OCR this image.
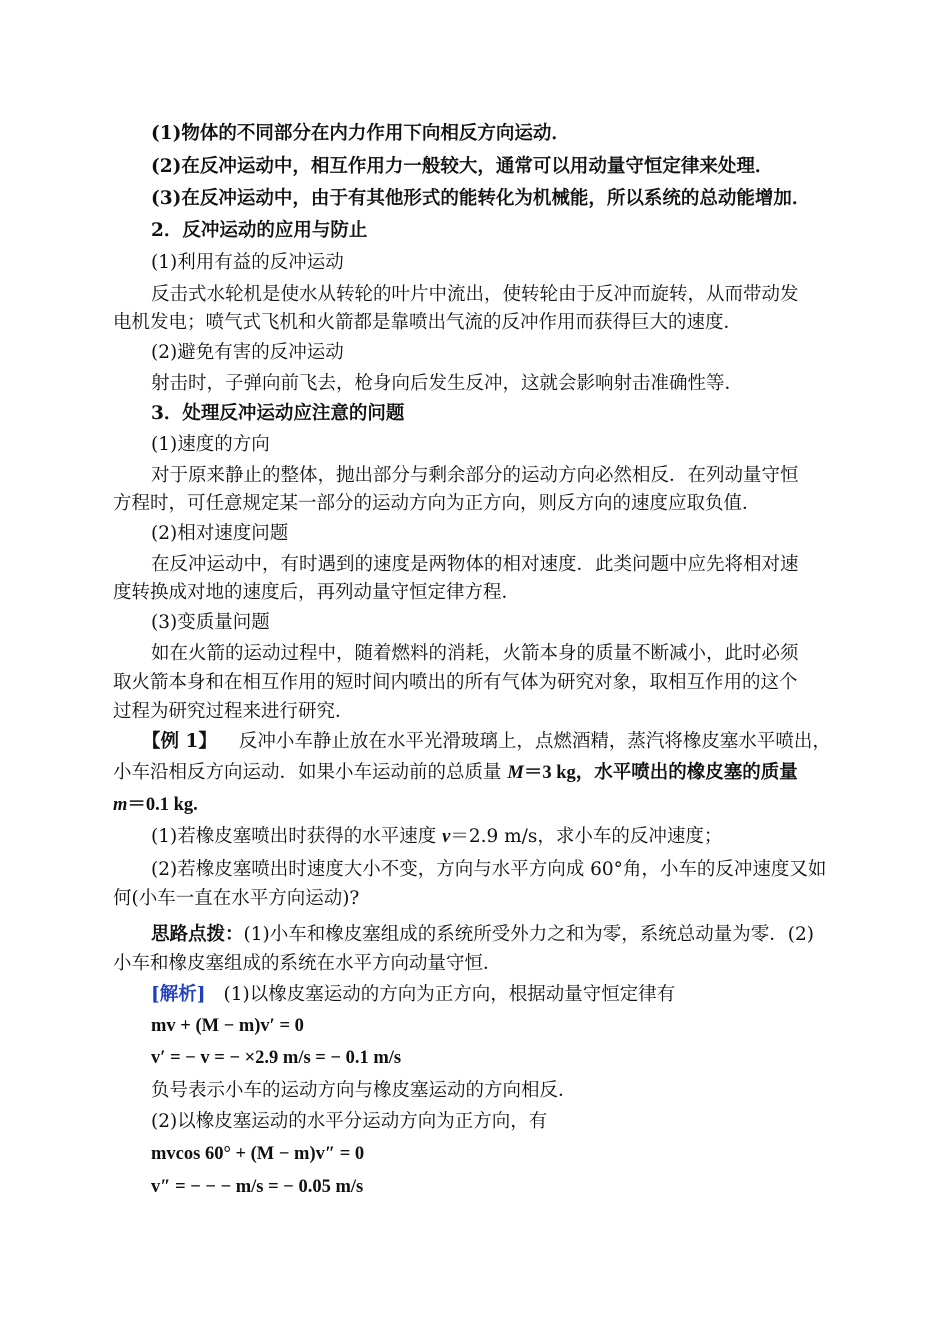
(1)物体的不同部分在内力作用下向相反方向运动．
(2)在反冲运动中，相互作用力一般较大，通常可以用动量守恒定律来处理．
(3)在反冲运动中，由于有其他形式的能转化为机械能，所以系统的总动能增加．
2．反冲运动的应用与防止
(1)利用有益的反冲运动
反击式水轮机是使水从转轮的叶片中流出，使转轮由于反冲而旋转，从而带动发
电机发电；喷气式飞机和火箭都是靠喷出气流的反冲作用而获得巨大的速度．
(2)避免有害的反冲运动
射击时，子弹向前飞去，枪身向后发生反冲，这就会影响射击准确性等．
3．处理反冲运动应注意的问题
(1)速度的方向
对于原来静止的整体，抛出部分与剩余部分的运动方向必然相反．在列动量守恒
方程时，可任意规定某一部分的运动方向为正方向，则反方向的速度应取负值．
(2)相对速度问题
在反冲运动中，有时遇到的速度是两物体的相对速度．此类问题中应先将相对速
度转换成对地的速度后，再列动量守恒定律方程．
(3)变质量问题
如在火箭的运动过程中，随着燃料的消耗，火箭本身的质量不断减小，此时必须
取火箭本身和在相互作用的短时间内喷出的所有气体为研究对象，取相互作用的这个
过程为研究过程来进行研究．
【例 1】 反冲小车静止放在水平光滑玻璃上，点燃酒精，蒸汽将橡皮塞水平喷出，
小车沿相反方向运动．如果小车运动前的总质量 M＝3 kg，水平喷出的橡皮塞的质量
m＝0.1 kg.
(1)若橡皮塞喷出时获得的水平速度 v＝2.9 m/s，求小车的反冲速度；
(2)若橡皮塞喷出时速度大小不变，方向与水平方向成 60°角，小车的反冲速度又如
何(小车一直在水平方向运动)?
思路点拨：(1)小车和橡皮塞组成的系统所受外力之和为零，系统总动量为零．(2)
小车和橡皮塞组成的系统在水平方向动量守恒．
[解析] (1)以橡皮塞运动的方向为正方向，根据动量守恒定律有
mv + (M − m)v′ = 0
v′ = − v = − ×2.9 m/s = − 0.1 m/s
负号表示小车的运动方向与橡皮塞运动的方向相反．
(2)以橡皮塞运动的水平分运动方向为正方向，有
mvcos 60° + (M − m)v″ = 0
v″ = − − − m/s = − 0.05 m/s
